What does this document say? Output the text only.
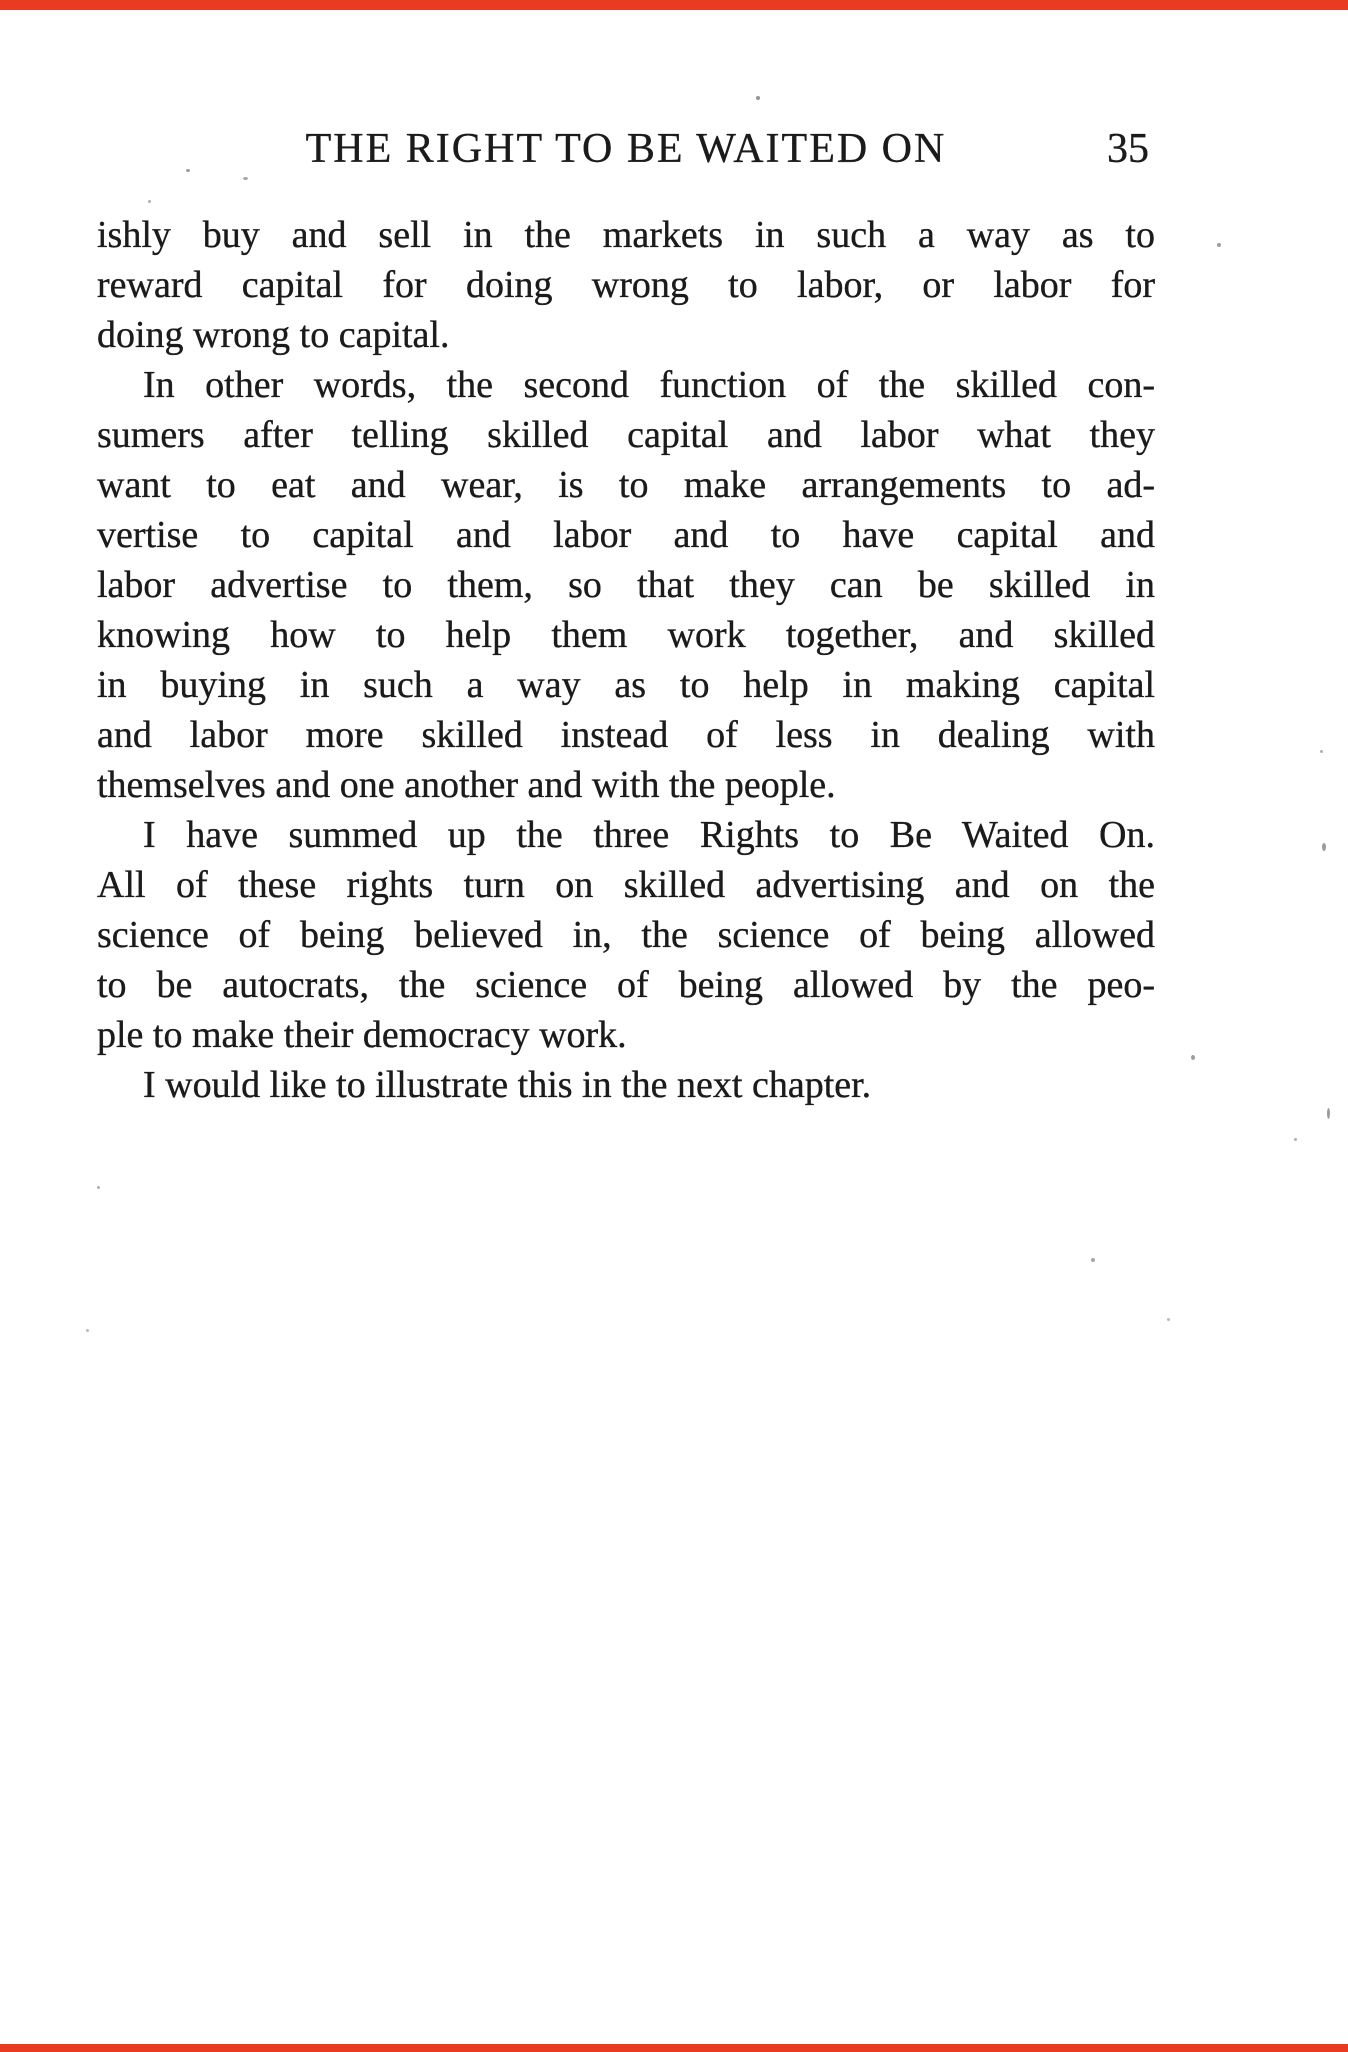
THE RIGHT TO BE WAITED ON	35
ishly buy and sell in the markets in such a way as to
reward capital for doing wrong to labor, or labor for
doing wrong to capital.
In other words, the second function of the skilled con-
sumers after telling skilled capital and labor what they
want to eat and wear, is to make arrangements to ad-
vertise to capital and labor and to have capital and
labor advertise to them, so that they can be skilled in
knowing how to help them work together, and skilled
in buying in such a way as to help in making capital
and labor more skilled instead of less in dealing with
themselves and one another and with the people.
I have summed up the three Rights to Be Waited On.
All of these rights turn on skilled advertising and on the
science of being believed in, the science of being allowed
to be autocrats, the science of being allowed by the peo-
ple to make their democracy work.
I would like to illustrate this in the next chapter.
